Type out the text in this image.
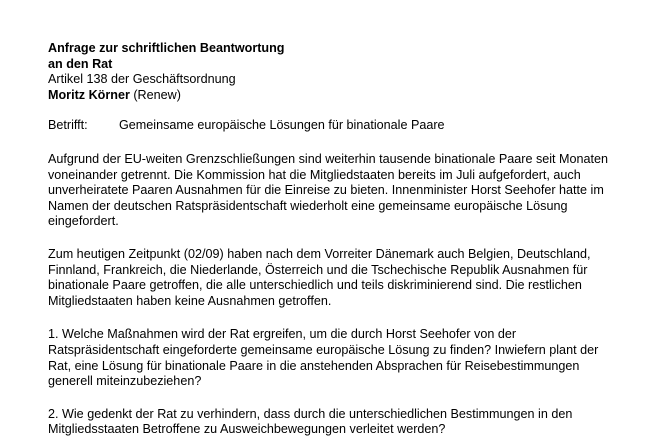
Anfrage zur schriftlichen Beantwortung
an den Rat
Artikel 138 der Geschäftsordnung
Moritz Körner (Renew)
Betrifft:	Gemeinsame europäische Lösungen für binationale Paare
Aufgrund der EU-weiten Grenzschließungen sind weiterhin tausende binationale Paare seit Monaten
voneinander getrennt. Die Kommission hat die Mitgliedstaaten bereits im Juli aufgefordert, auch
unverheiratete Paaren Ausnahmen für die Einreise zu bieten. Innenminister Horst Seehofer hatte im
Namen der deutschen Ratspräsidentschaft wiederholt eine gemeinsame europäische Lösung
eingefordert.
Zum heutigen Zeitpunkt (02/09) haben nach dem Vorreiter Dänemark auch Belgien, Deutschland,
Finnland, Frankreich, die Niederlande, Österreich und die Tschechische Republik Ausnahmen für
binationale Paare getroffen, die alle unterschiedlich und teils diskriminierend sind. Die restlichen
Mitgliedstaaten haben keine Ausnahmen getroffen.
1. Welche Maßnahmen wird der Rat ergreifen, um die durch Horst Seehofer von der
Ratspräsidentschaft eingeforderte gemeinsame europäische Lösung zu finden? Inwiefern plant der
Rat, eine Lösung für binationale Paare in die anstehenden Absprachen für Reisebestimmungen
generell miteinzubeziehen?
2. Wie gedenkt der Rat zu verhindern, dass durch die unterschiedlichen Bestimmungen in den
Mitgliedsstaaten Betroffene zu Ausweichbewegungen verleitet werden?
